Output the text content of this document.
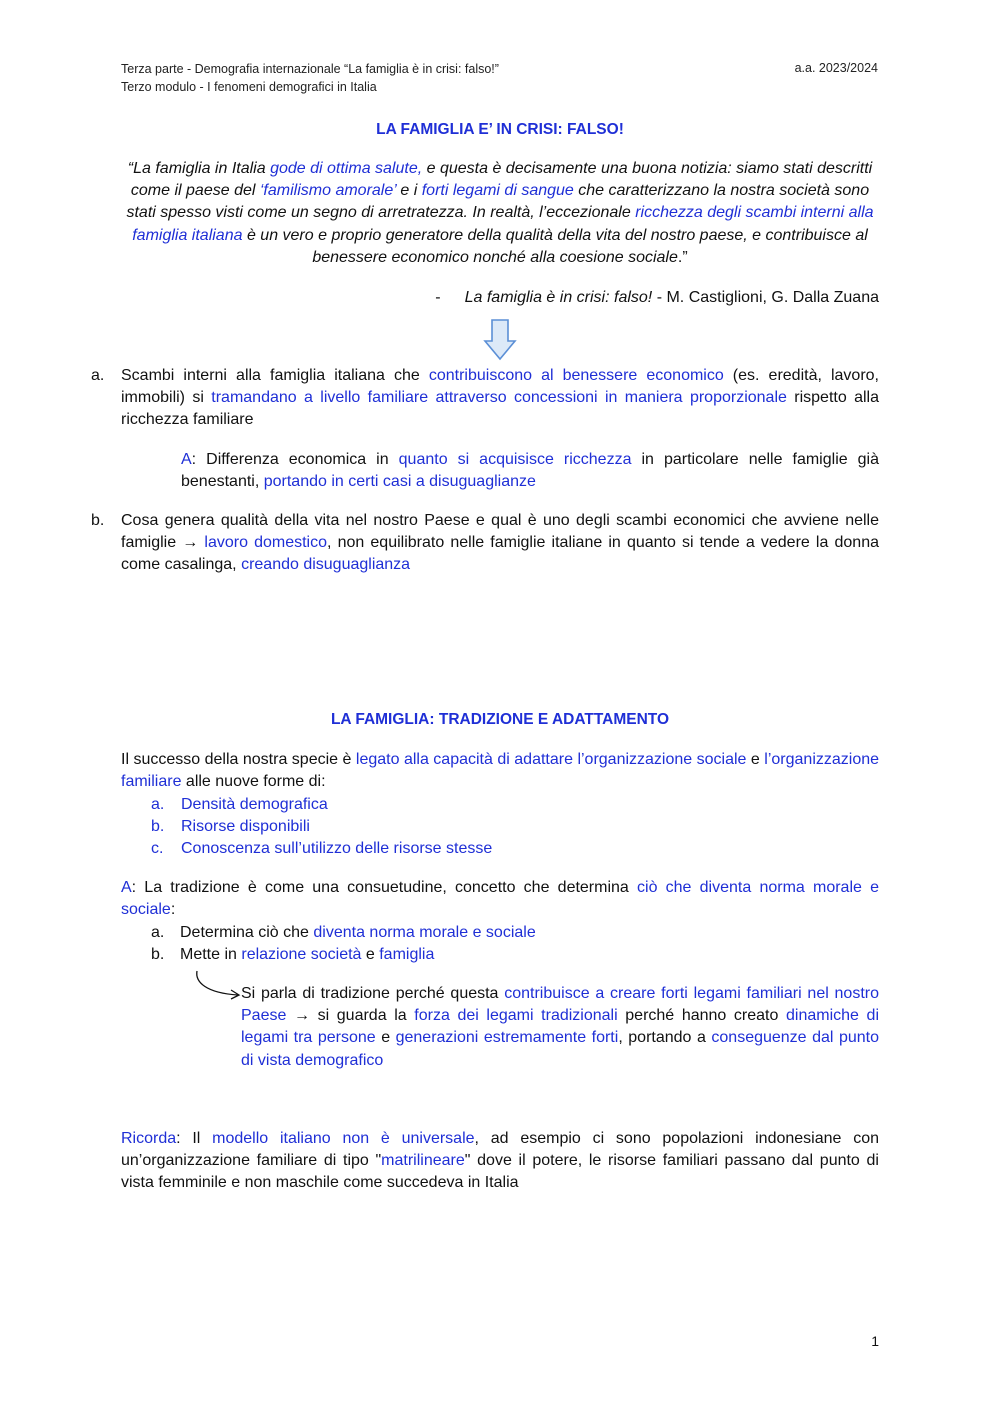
Terza parte - Demografia internazionale “La famiglia è in crisi: falso!”
Terzo modulo - I fenomeni demografici in Italia
a.a. 2023/2024
LA FAMIGLIA E’ IN CRISI: FALSO!
“La famiglia in Italia gode di ottima salute, e questa è decisamente una buona notizia: siamo stati descritti come il paese del ‘familismo amorale’ e i forti legami di sangue che caratterizzano la nostra società sono stati spesso visti come un segno di arretratezza. In realtà, l’eccezionale ricchezza degli scambi interni alla famiglia italiana è un vero e proprio generatore della qualità della vita del nostro paese, e contribuisce al benessere economico nonché alla coesione sociale.”
- La famiglia è in crisi: falso! - M. Castiglioni, G. Dalla Zuana
a. Scambi interni alla famiglia italiana che contribuiscono al benessere economico (es. eredità, lavoro, immobili) si tramandano a livello familiare attraverso concessioni in maniera proporzionale rispetto alla ricchezza familiare
A: Differenza economica in quanto si acquisisce ricchezza in particolare nelle famiglie già benestanti, portando in certi casi a disuguaglianze
b. Cosa genera qualità della vita nel nostro Paese e qual è uno degli scambi economici che avviene nelle famiglie → lavoro domestico, non equilibrato nelle famiglie italiane in quanto si tende a vedere la donna come casalinga, creando disuguaglianza
LA FAMIGLIA: TRADIZIONE E ADATTAMENTO
Il successo della nostra specie è legato alla capacità di adattare l’organizzazione sociale e l’organizzazione familiare alle nuove forme di:
a. Densità demografica
b. Risorse disponibili
c. Conoscenza sull’utilizzo delle risorse stesse
A: La tradizione è come una consuetudine, concetto che determina ciò che diventa norma morale e sociale:
a. Determina ciò che diventa norma morale e sociale
b. Mette in relazione società e famiglia
Si parla di tradizione perché questa contribuisce a creare forti legami familiari nel nostro Paese → si guarda la forza dei legami tradizionali perché hanno creato dinamiche di legami tra persone e generazioni estremamente forti, portando a conseguenze dal punto di vista demografico
Ricorda: Il modello italiano non è universale, ad esempio ci sono popolazioni indonesiane con un’organizzazione familiare di tipo "matrilineare" dove il potere, le risorse familiari passano dal punto di vista femminile e non maschile come succedeva in Italia
1
